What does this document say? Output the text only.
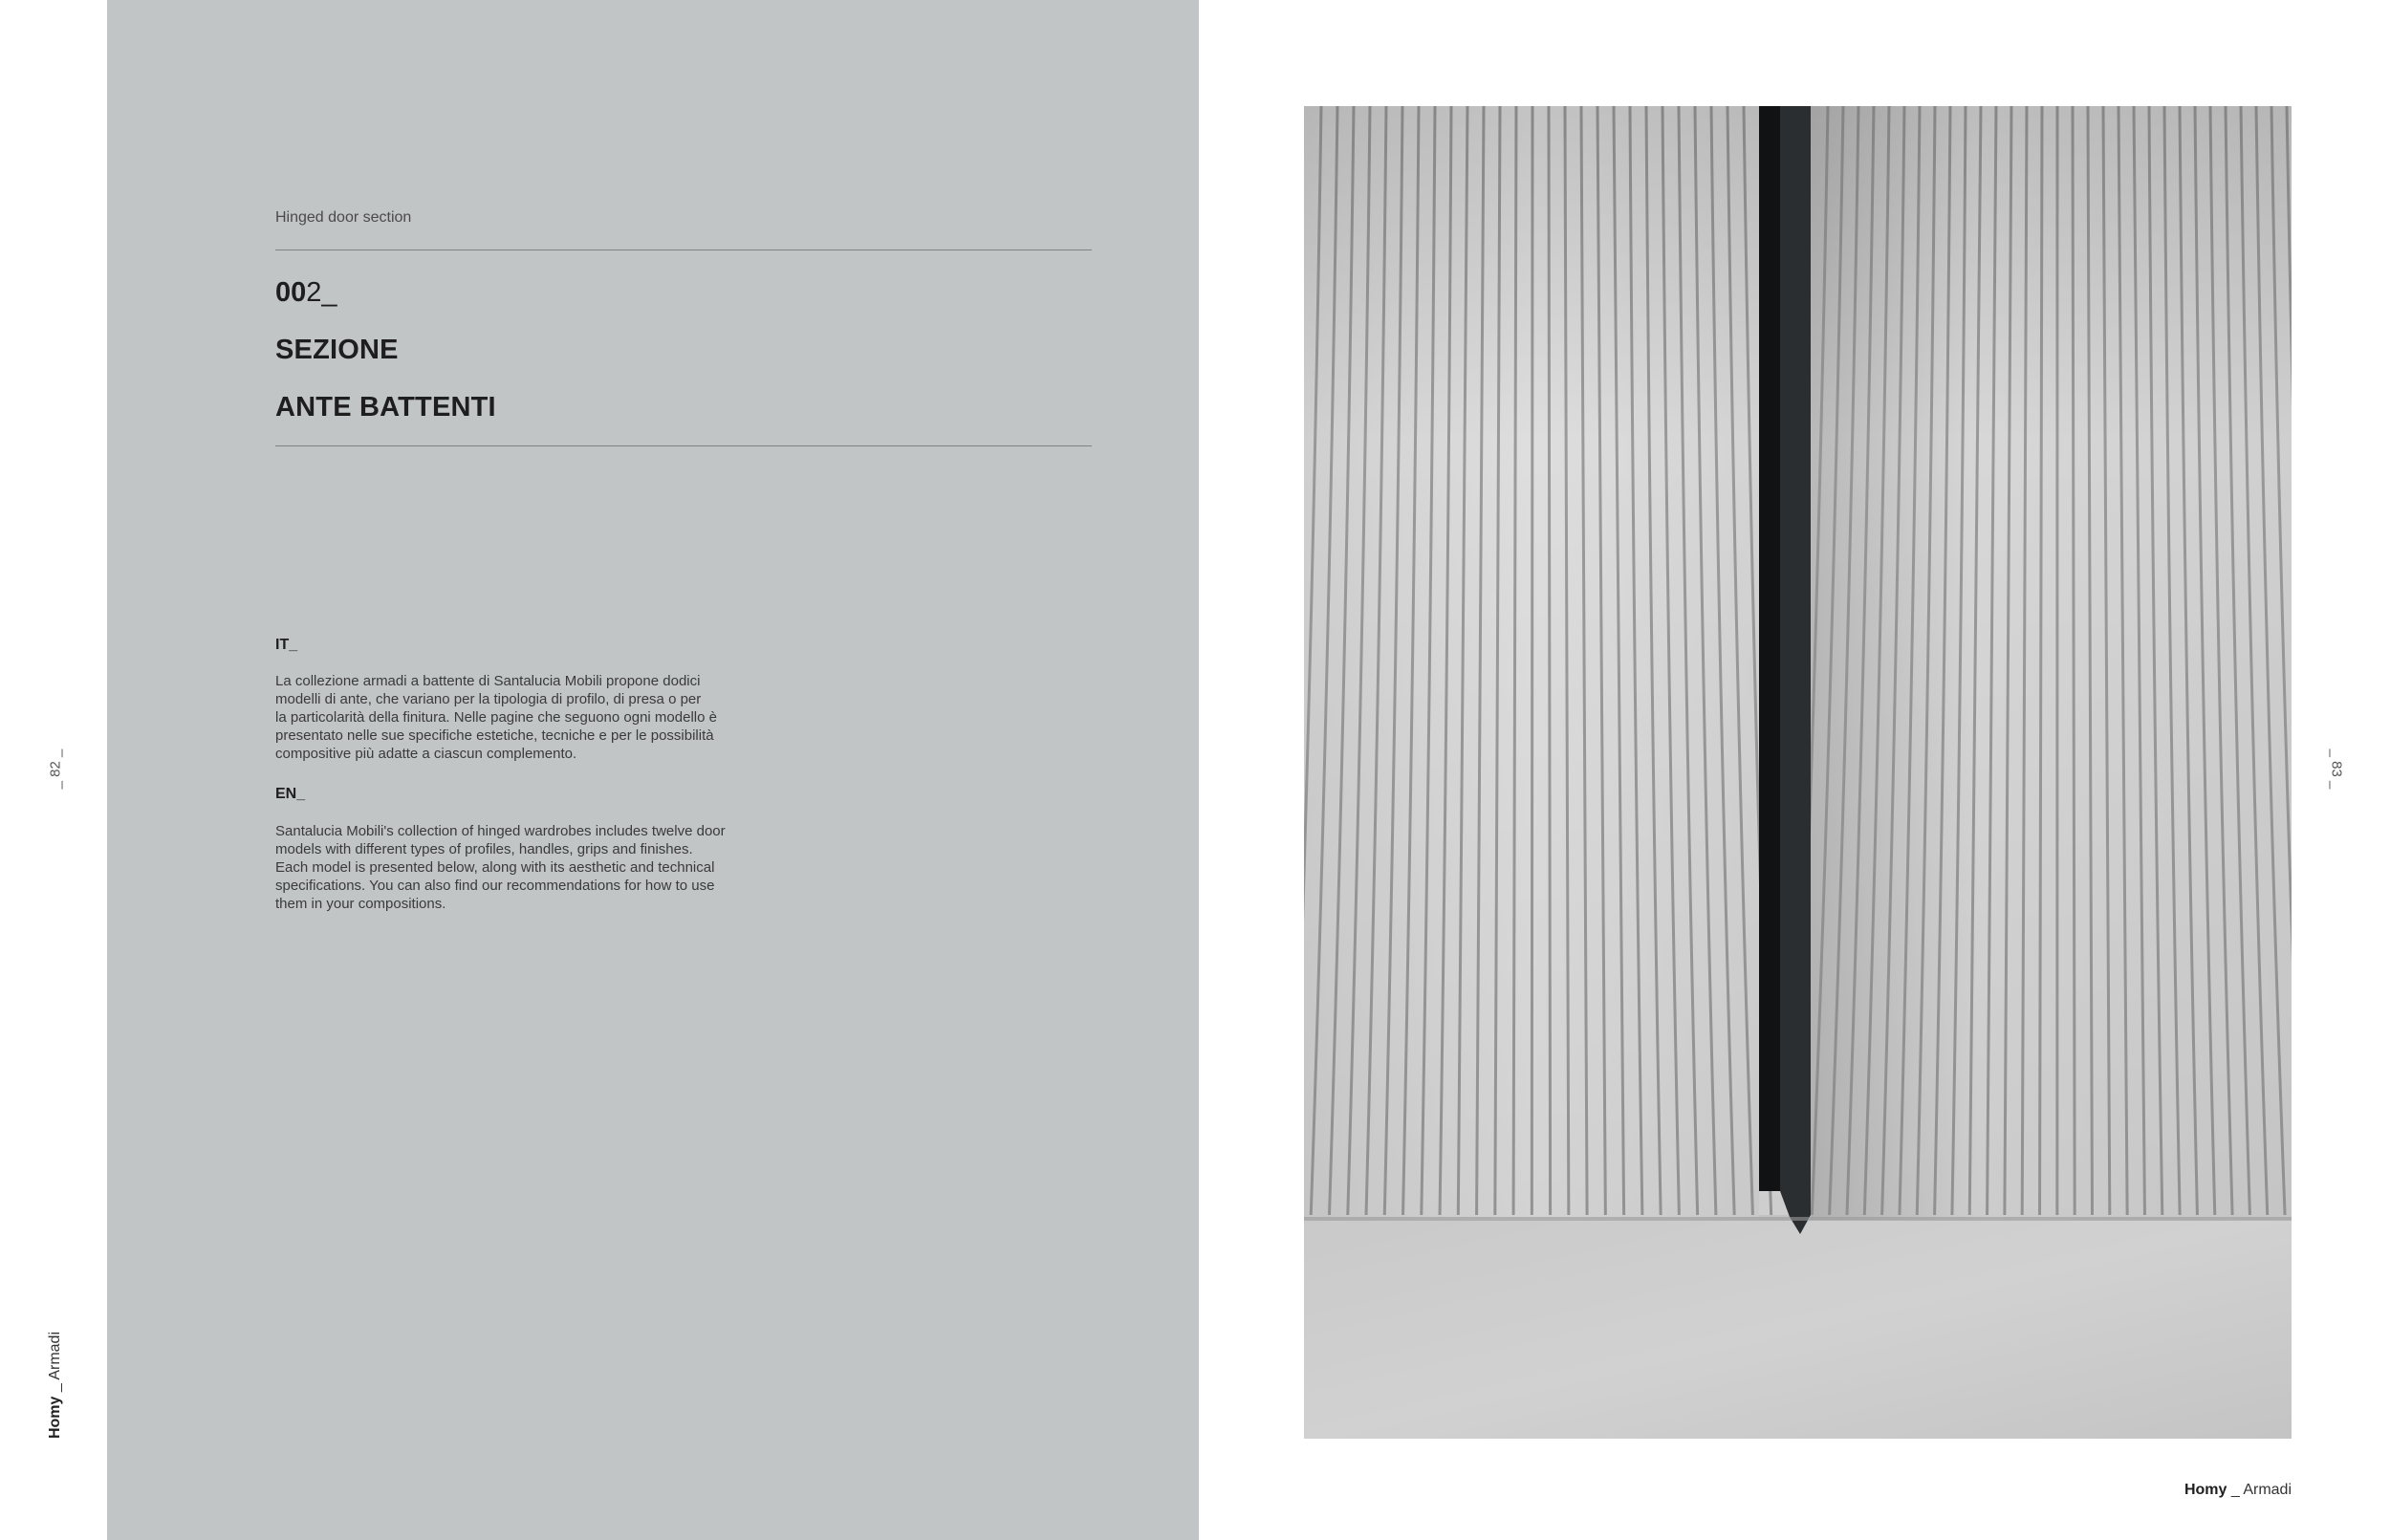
_ 82 _
Homy _ Armadi
Hinged door section
002_
SEZIONE
ANTE BATTENTI
IT_

La collezione armadi a battente di Santalucia Mobili propone dodici
modelli di ante, che variano per la tipologia di profilo, di presa o per
la particolarità della finitura. Nelle pagine che seguono ogni modello è
presentato nelle sue specifiche estetiche, tecniche e per le possibilità
compositive più adatte a ciascun complemento.

EN_

Santalucia Mobili's collection of hinged wardrobes includes twelve door
models with different types of profiles, handles, grips and finishes.
Each model is presented below, along with its aesthetic and technical
specifications. You can also find our recommendations for how to use
them in your compositions.

_ 83 _
Homy _ Armadi
